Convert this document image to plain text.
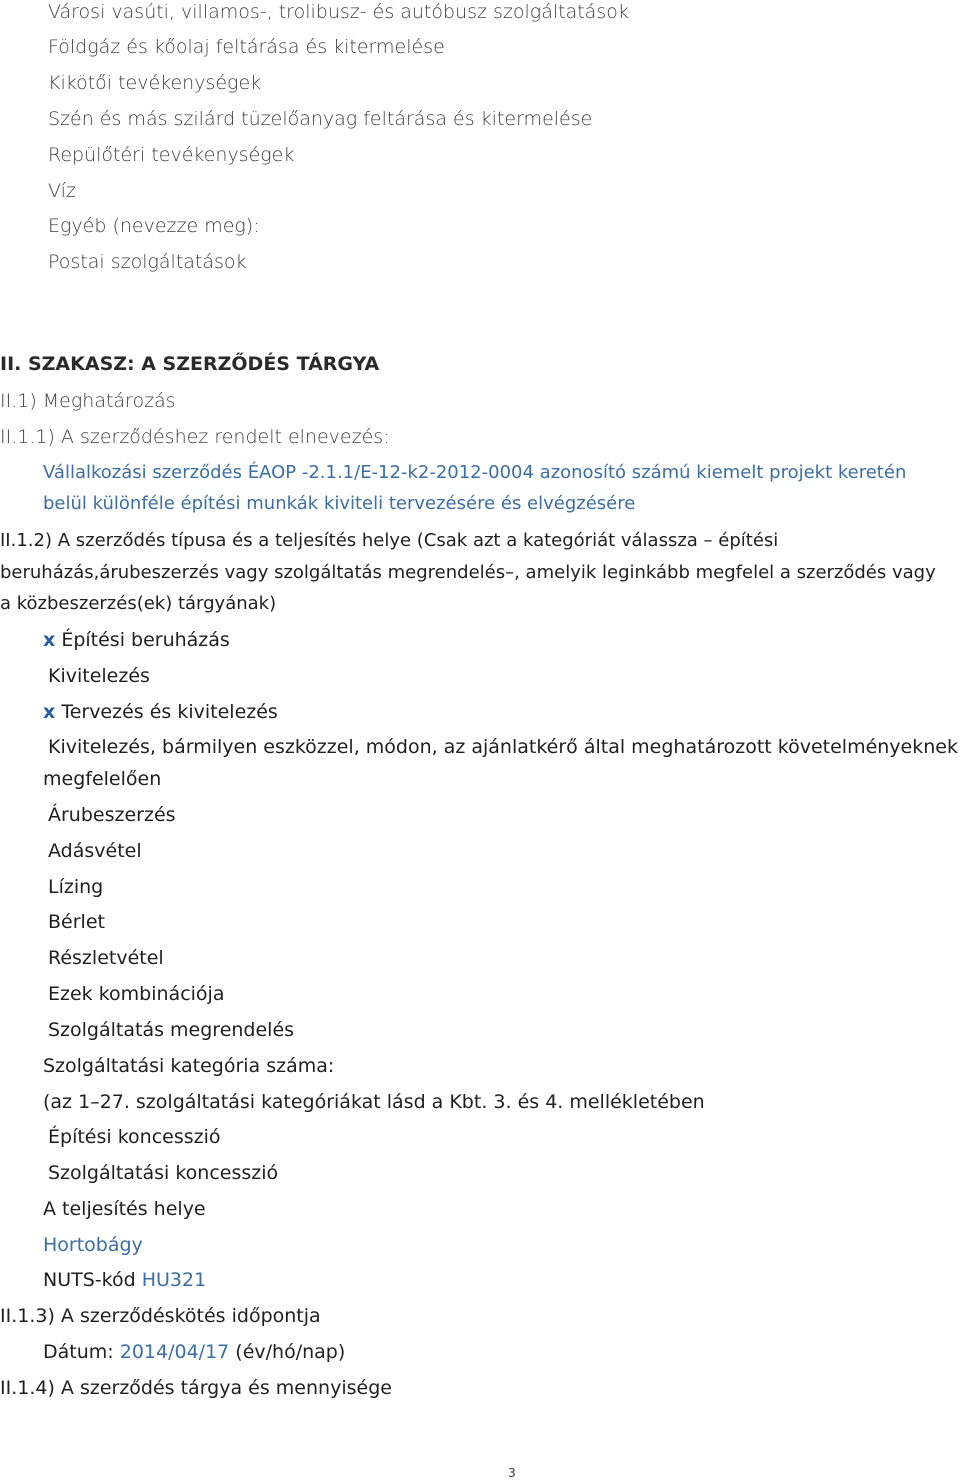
Városi vasúti, villamos-, trolibusz- és autóbusz szolgáltatások
Földgáz és kőolaj feltárása és kitermelése
Kikötői tevékenységek
Szén és más szilárd tüzelőanyag feltárása és kitermelése
Repülőtéri tevékenységek
Víz
Egyéb (nevezze meg):
Postai szolgáltatások
II. SZAKASZ: A SZERZŐDÉS TÁRGYA
II.1) Meghatározás
II.1.1) A szerződéshez rendelt elnevezés:
Vállalkozási szerződés ÉAOP -2.1.1/E-12-k2-2012-0004 azonosító számú kiemelt projekt keretén
belül különféle építési munkák kiviteli tervezésére és elvégzésére
II.1.2) A szerződés típusa és a teljesítés helye (Csak azt a kategóriát válassza – építési
beruházás,árubeszerzés vagy szolgáltatás megrendelés–, amelyik leginkább megfelel a szerződés vagy
a közbeszerzés(ek) tárgyának)
x Építési beruházás
Kivitelezés
x Tervezés és kivitelezés
Kivitelezés, bármilyen eszközzel, módon, az ajánlatkérő által meghatározott követelményeknek
megfelelően
Árubeszerzés
Adásvétel
Lízing
Bérlet
Részletvétel
Ezek kombinációja
Szolgáltatás megrendelés
Szolgáltatási kategória száma:
(az 1–27. szolgáltatási kategóriákat lásd a Kbt. 3. és 4. mellékletében
Építési koncesszió
Szolgáltatási koncesszió
A teljesítés helye
Hortobágy
NUTS-kód HU321
II.1.3) A szerződéskötés időpontja
Dátum: 2014/04/17 (év/hó/nap)
II.1.4) A szerződés tárgya és mennyisége
3
